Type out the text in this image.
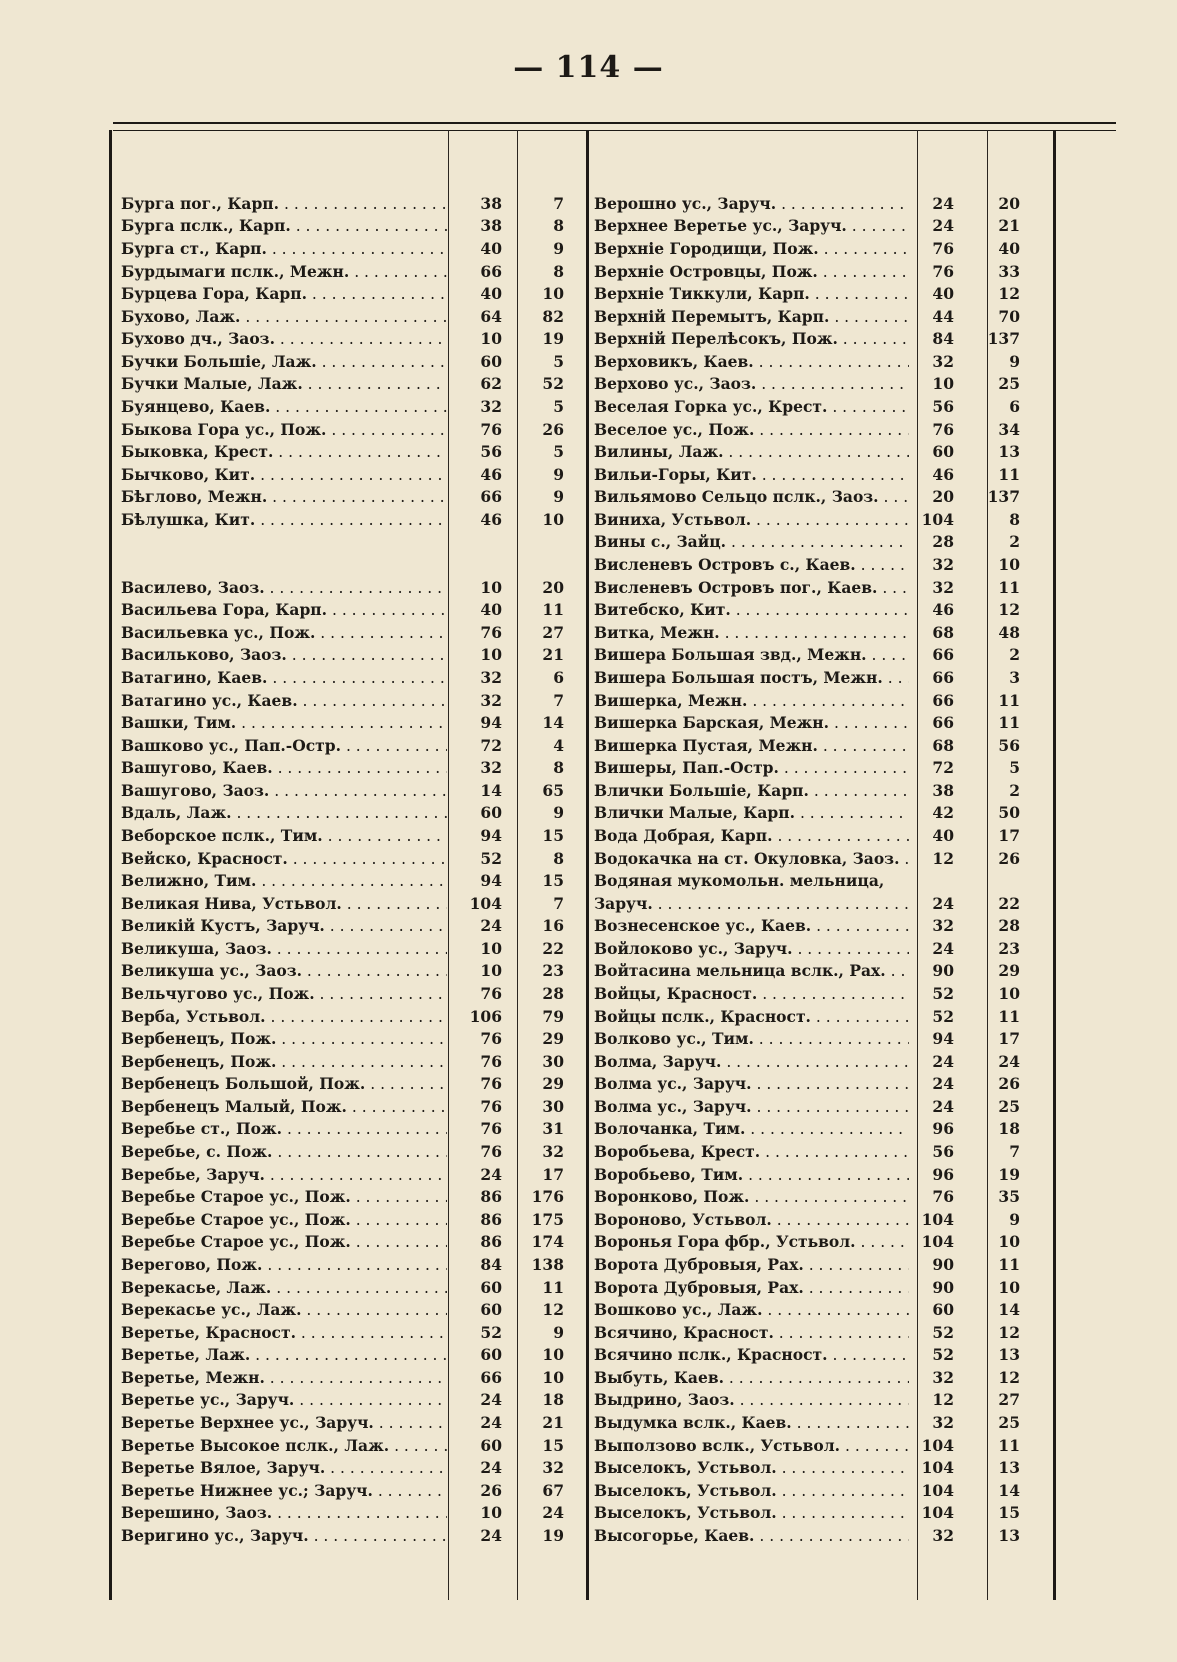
— 114 —
Бурга пог., Карп. . . .	38	7
Бурга пслк., Карп. . . .	38	8
Бурга ст., Карп. . . .	40	9
Бурдымаги пслк., Межн. . . .	66	8
Бурцева Гора, Карп. . . .	40	10
Бухово, Лаж. . . .	64	82
Бухово дч., Заоз. . . .	10	19
Бучки Большіе, Лаж. . . .	60	5
Бучки Малые, Лаж. . . .	62	52
Буянцево, Каев. . . .	32	5
Быкова Гора ус., Пож. . . .	76	26
Быковка, Крест. . . .	56	5
Бычково, Кит. . . .	46	9
Бѣглово, Межн. . . .	66	9
Бѣлушка, Кит. . . .	46	10
Василево, Заоз. . . .	10	20
Васильева Гора, Карп. . . .	40	11
Васильевка ус., Пож. . . .	76	27
Василькoво, Заоз. . . .	10	21
Ватагино, Каев. . . .	32	6
Ватагино ус., Каев. . . .	32	7
Вашки, Тим. . . .	94	14
Вашково ус., Пап.-Остр. . . .	72	4
Вашугово, Каев. . . .	32	8
Вашугово, Заоз. . . .	14	65
Вдаль, Лаж. . . .	60	9
Веборское пслк., Тим. . . .	94	15
Вейско, Красност. . . .	52	8
Велижно, Тим. . . .	94	15
Великая Нива, Устьвол. . . .	104	7
Великій Кустъ, Заруч. . . .	24	16
Великуша, Заоз. . . .	10	22
Великуша ус., Заоз. . . .	10	23
Вельчугово ус., Пож. . . .	76	28
Верба, Устьвол. . . .	106	79
Вербенецъ, Пож. . . .	76	29
Вербенецъ, Пож. . . .	76	30
Вербенецъ Большой, Пож. . . .	76	29
Вербенецъ Малый, Пож. . . .	76	30
Веребье ст., Пож. . . .	76	31
Веребье, с. Пож. . . .	76	32
Веребье, Заруч. . . .	24	17
Веребье Старое ус., Пож. . . .	86	176
Веребье Старое ус., Пож. . . .	86	175
Веребье Старое ус., Пож. . . .	86	174
Верегово, Пож. . . .	84	138
Верекасье, Лаж. . . .	60	11
Верекасье ус., Лаж. . . .	60	12
Веретье, Красност. . . .	52	9
Веретье, Лаж. . . .	60	10
Веретье, Межн. . . .	66	10
Веретье ус., Заруч. . . .	24	18
Веретье Верхнее ус., Заруч. . . .	24	21
Веретье Высокое пслк., Лаж. . . .	60	15
Веретье Вялое, Заруч. . . .	24	32
Веретье Нижнее ус.; Заруч. . . .	26	67
Верешино, Заоз. . . .	10	24
Веригино ус., Заруч. . . .	24	19
Верошно ус., Заруч. . . .	24	20
Верхнее Веретье ус., Заруч. . . .	24	21
Верхніе Городищи, Пож. . . .	76	40
Верхніе Островцы, Пож. . . .	76	33
Верхніе Тиккули, Карп. . . .	40	12
Верхній Перемытъ, Карп. . . .	44	70
Верхній Перелѣсокъ, Пож. . . .	84	137
Верховикъ, Каев. . . .	32	9
Верхово ус., Заоз. . . .	10	25
Веселая Горка ус., Крест. . . .	56	6
Веселое ус., Пож. . . .	76	34
Вилины, Лаж. . . .	60	13
Вильи-Горы, Кит. . . .	46	11
Вильямово Сельцо пслк., Заоз. . . .	20	137
Виниха, Устьвол. . . .	104	8
Вины с., Зайц. . . .	28	2
Висленевъ Островъ с., Каев. . . .	32	10
Висленевъ Островъ пог., Каев. . . .	32	11
Витебско, Кит. . . .	46	12
Витка, Межн. . . .	68	48
Вишера Большая звд., Межн. . . .	66	2
Вишера Большая постъ, Межн. . . .	66	3
Вишерка, Межн. . . .	66	11
Вишерка Барская, Межн. . . .	66	11
Вишерка Пустая, Межн. . . .	68	56
Вишеры, Пап.-Остр. . . .	72	5
Влички Большіе, Карп. . . .	38	2
Влички Малые, Карп. . . .	42	50
Вода Добрая, Карп. . . .	40	17
Водокачка на ст. Окуловка, Заоз. . . .	12	26
Водяная мукомольн. мельница,
Заруч. . . .	24	22
Вознесенское ус., Каев. . . .	32	28
Войлоково ус., Заруч. . . .	24	23
Войтасина мельница вслк., Рах. . . .	90	29
Войцы, Красност. . . .	52	10
Войцы пслк., Красност. . . .	52	11
Волково ус., Тим. . . .	94	17
Волма, Заруч. . . .	24	24
Волма ус., Заруч. . . .	24	26
Волма ус., Заруч. . . .	24	25
Волочанка, Тим. . . .	96	18
Воробьева, Крест. . . .	56	7
Воробьево, Тим. . . .	96	19
Воронково, Пож. . . .	76	35
Вороново, Устьвол. . . .	104	9
Воронья Гора фбр., Устьвол. . . .	104	10
Ворота Дубровыя, Рах. . . .	90	11
Ворота Дубровыя, Рах. . . .	90	10
Вошково ус., Лаж. . . .	60	14
Всячино, Красност. . . .	52	12
Всячино пслк., Красност. . . .	52	13
Выбуть, Каев. . . .	32	12
Выдрино, Заоз. . . .	12	27
Выдумка вслк., Каев. . . .	32	25
Выползово вслк., Устьвол. . . .	104	11
Выселокъ, Устьвол. . . .	104	13
Выселокъ, Устьвол. . . .	104	14
Выселокъ, Устьвол. . . .	104	15
Высогорье, Каев. . . .	32	13
